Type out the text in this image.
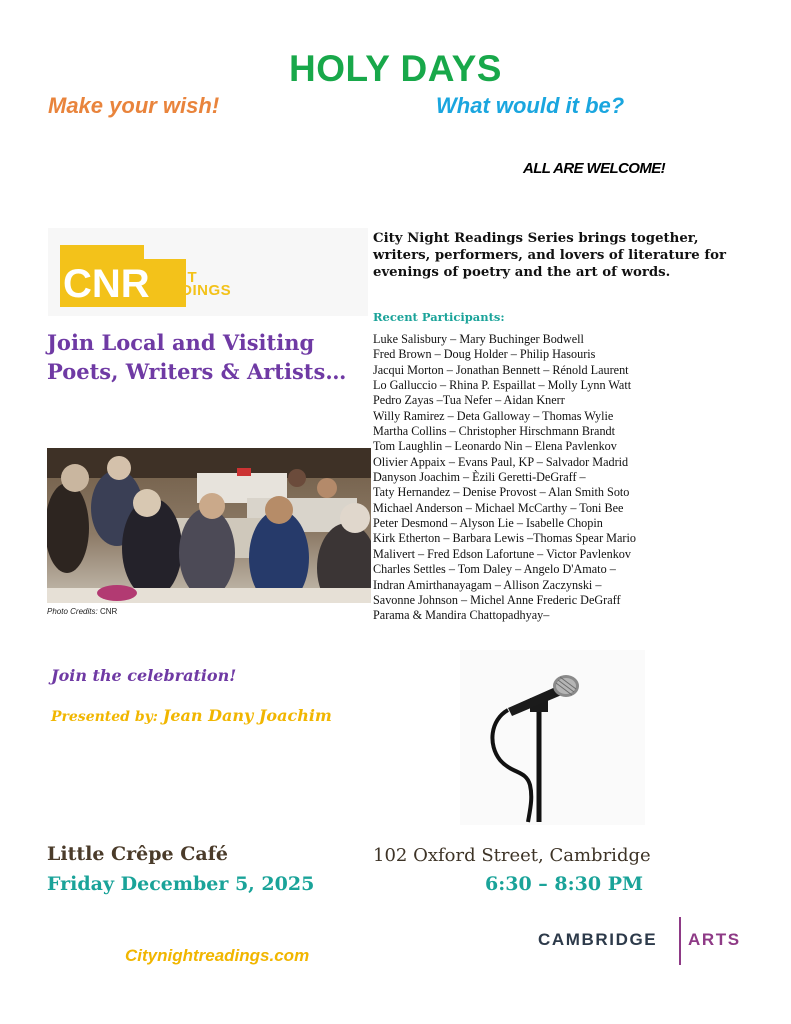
HOLY DAYS
Make your wish!	What would it be?
ALL ARE WELCOME!
CNR
CITY
NIGHT
READINGS
Join Local and Visiting
Poets, Writers & Artists…
Photo Credits: CNR
City Night Readings Series brings together, writers, performers, and lovers of literature for evenings of poetry and the art of words.
Recent Participants:
Luke Salisbury – Mary Buchinger Bodwell
Fred Brown – Doug Holder – Philip Hasouris
Jacqui Morton – Jonathan Bennett – Rénold Laurent
Lo Galluccio – Rhina P. Espaillat – Molly Lynn Watt
Pedro Zayas –Tua Nefer – Aidan Knerr
Willy Ramirez – Deta Galloway – Thomas Wylie
Martha Collins – Christopher Hirschmann Brandt
Tom Laughlin – Leonardo Nin – Elena Pavlenkov
Olivier Appaix – Evans Paul, KP – Salvador Madrid
Danyson Joachim – Èzili Geretti-DeGraff –
Taty Hernandez – Denise Provost – Alan Smith Soto
Michael Anderson – Michael McCarthy – Toni Bee
Peter Desmond – Alyson Lie – Isabelle Chopin
Kirk Etherton – Barbara Lewis –Thomas Spear Mario
Malivert – Fred Edson Lafortune – Victor Pavlenkov
Charles Settles – Tom Daley – Angelo D'Amato –
Indran Amirthanayagam – Allison Zaczynski –
Savonne Johnson – Michel Anne Frederic DeGraff
Parama & Mandira Chattopadhyay–
Join the celebration!
Presented by: Jean Dany Joachim
Little Crêpe Café	102 Oxford Street, Cambridge
Friday December 5, 2025	6:30 – 8:30 PM
Citynightreadings.com
CAMBRIDGE ARTS
